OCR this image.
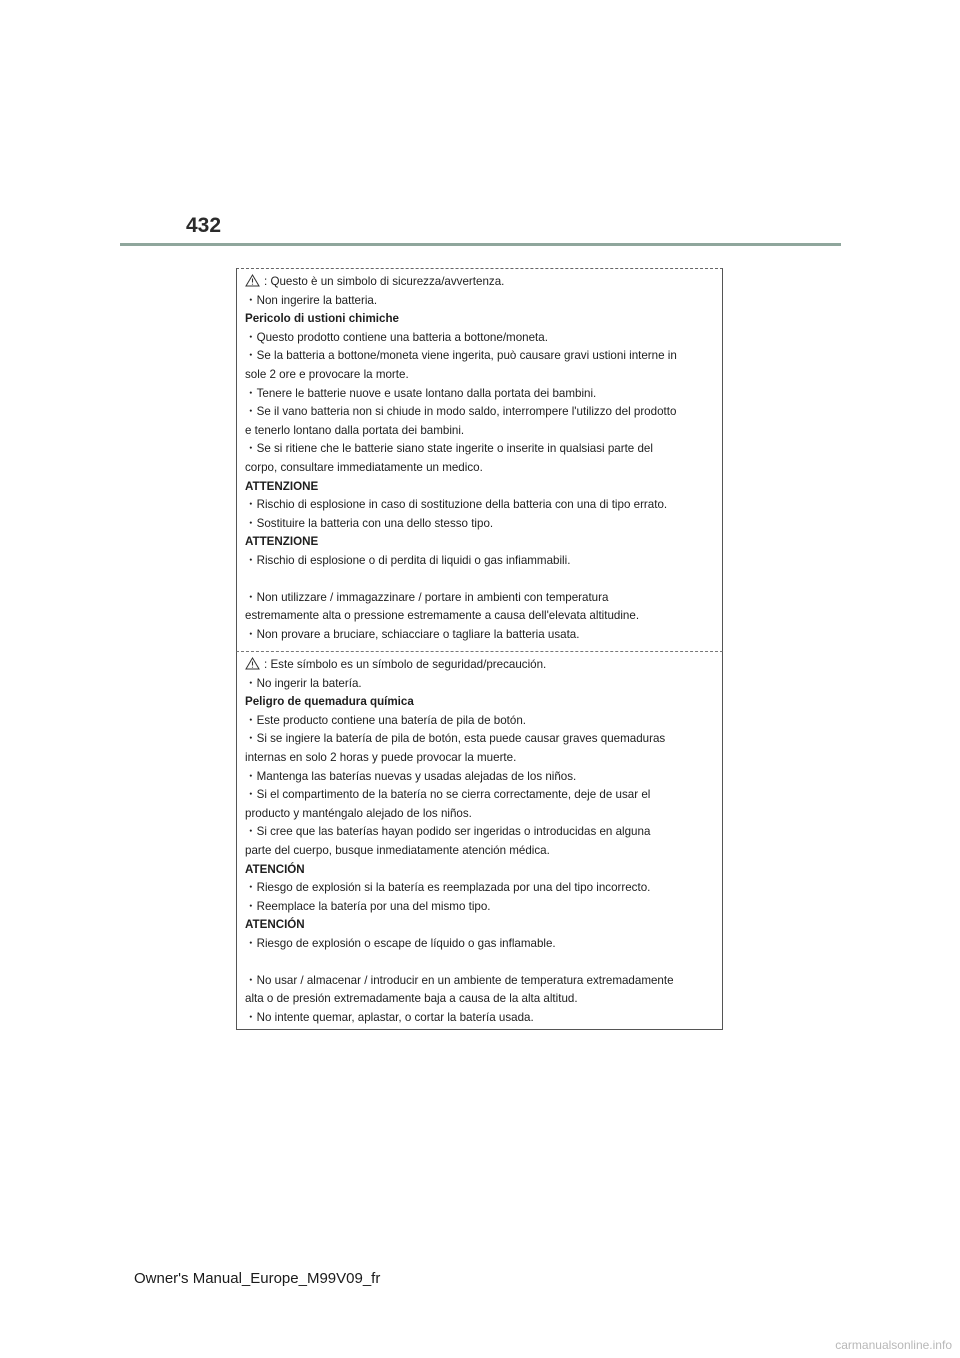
432
: Questo è un simbolo di sicurezza/avvertenza.
・Non ingerire la batteria.
Pericolo di ustioni chimiche
・Questo prodotto contiene una batteria a bottone/moneta.
・Se la batteria a bottone/moneta viene ingerita, può causare gravi ustioni interne in
sole 2 ore e provocare la morte.
・Tenere le batterie nuove e usate lontano dalla portata dei bambini.
・Se il vano batteria non si chiude in modo saldo, interrompere l'utilizzo del prodotto
e tenerlo lontano dalla portata dei bambini.
・Se si ritiene che le batterie siano state ingerite o inserite in qualsiasi parte del
corpo, consultare immediatamente un medico.
ATTENZIONE
・Rischio di esplosione in caso di sostituzione della batteria con una di tipo errato.
・Sostituire la batteria con una dello stesso tipo.
ATTENZIONE
・Rischio di esplosione o di perdita di liquidi o gas infiammabili.
・Non utilizzare / immagazzinare / portare in ambienti con temperatura
estremamente alta o pressione estremamente a causa dell'elevata altitudine.
・Non provare a bruciare, schiacciare o tagliare la batteria usata.
: Este símbolo es un símbolo de seguridad/precaución.
・No ingerir la batería.
Peligro de quemadura química
・Este producto contiene una batería de pila de botón.
・Si se ingiere la batería de pila de botón, esta puede causar graves quemaduras
internas en solo 2 horas y puede provocar la muerte.
・Mantenga las baterías nuevas y usadas alejadas de los niños.
・Si el compartimento de la batería no se cierra correctamente, deje de usar el
producto y manténgalo alejado de los niños.
・Si cree que las baterías hayan podido ser ingeridas o introducidas en alguna
parte del cuerpo, busque inmediatamente atención médica.
ATENCIÓN
・Riesgo de explosión si la batería es reemplazada por una del tipo incorrecto.
・Reemplace la batería por una del mismo tipo.
ATENCIÓN
・Riesgo de explosión o escape de líquido o gas inflamable.
・No usar / almacenar / introducir en un ambiente de temperatura extremadamente
alta o de presión extremadamente baja a causa de la alta altitud.
・No intente quemar, aplastar, o cortar la batería usada.
Owner's Manual_Europe_M99V09_fr
carmanualsonline.info
